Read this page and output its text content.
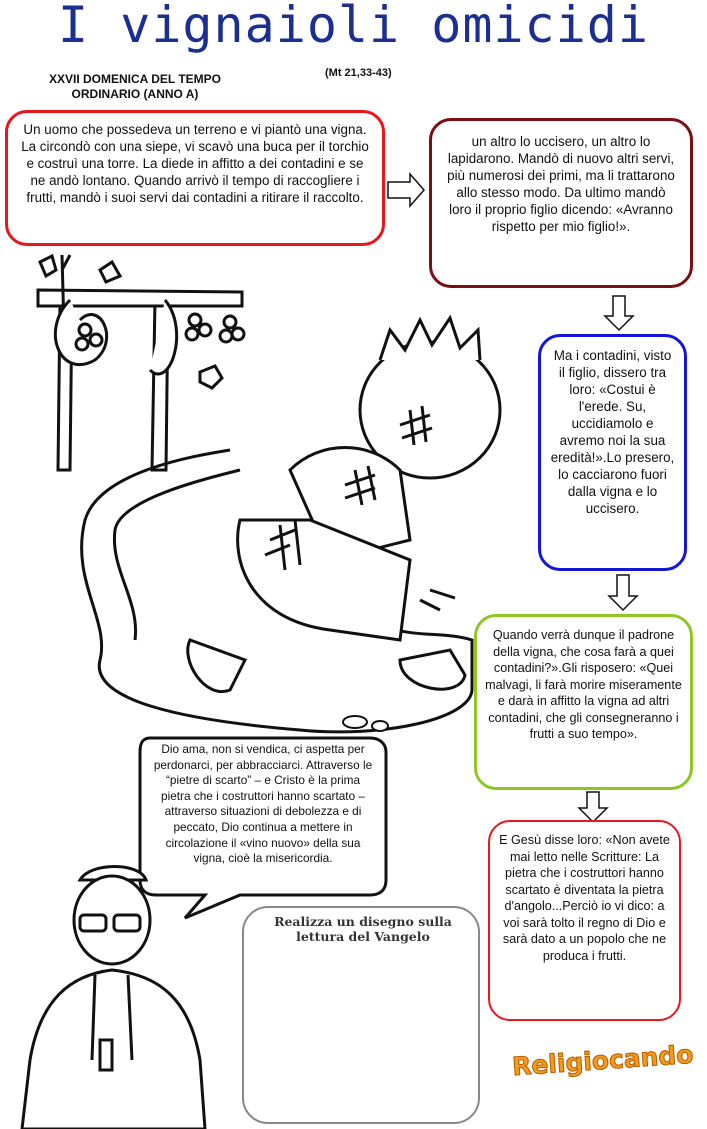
I vignaioli omicidi
XXVII DOMENICA DEL TEMPO
ORDINARIO (ANNO A)
(Mt 21,33-43)
Un uomo che possedeva un terreno e vi piantò una vigna. La circondò con una siepe, vi scavò una buca per il torchio e costruì una torre. La diede in affitto a dei contadini e se ne andò lontano. Quando arrivò il tempo di raccogliere i frutti, mandò i suoi servi dai contadini a ritirare il raccolto.
un altro lo uccisero, un altro lo lapidarono. Mandò di nuovo altri servi, più numerosi dei primi, ma li trattarono allo stesso modo. Da ultimo mandò loro il proprio figlio dicendo: «Avranno rispetto per mio figlio!».
Ma i contadini, visto il figlio, dissero tra loro: «Costui è l'erede. Su, uccidiamolo e avremo noi la sua eredità!».Lo presero, lo cacciarono fuori dalla vigna e lo uccisero.
Quando verrà dunque il padrone della vigna, che cosa farà a quei contadini?».Gli risposero: «Quei malvagi, li farà morire miseramente e darà in affitto la vigna ad altri contadini, che gli consegneranno i frutti a suo tempo».
E Gesù disse loro: «Non avete mai letto nelle Scritture: La pietra che i costruttori hanno scartato è diventata la pietra d'angolo...Perciò io vi dico: a voi sarà tolto il regno di Dio e sarà dato a un popolo che ne produca i frutti.
Dio ama, non si vendica, ci aspetta per perdonarci, per abbracciarci. Attraverso le “pietre di scarto” – e Cristo è la prima pietra che i costruttori hanno scartato – attraverso situazioni di debolezza e di peccato, Dio continua a mettere in circolazione il «vino nuovo» della sua vigna, cioè la misericordia.
Realizza un disegno sulla lettura del Vangelo
Religiocando
